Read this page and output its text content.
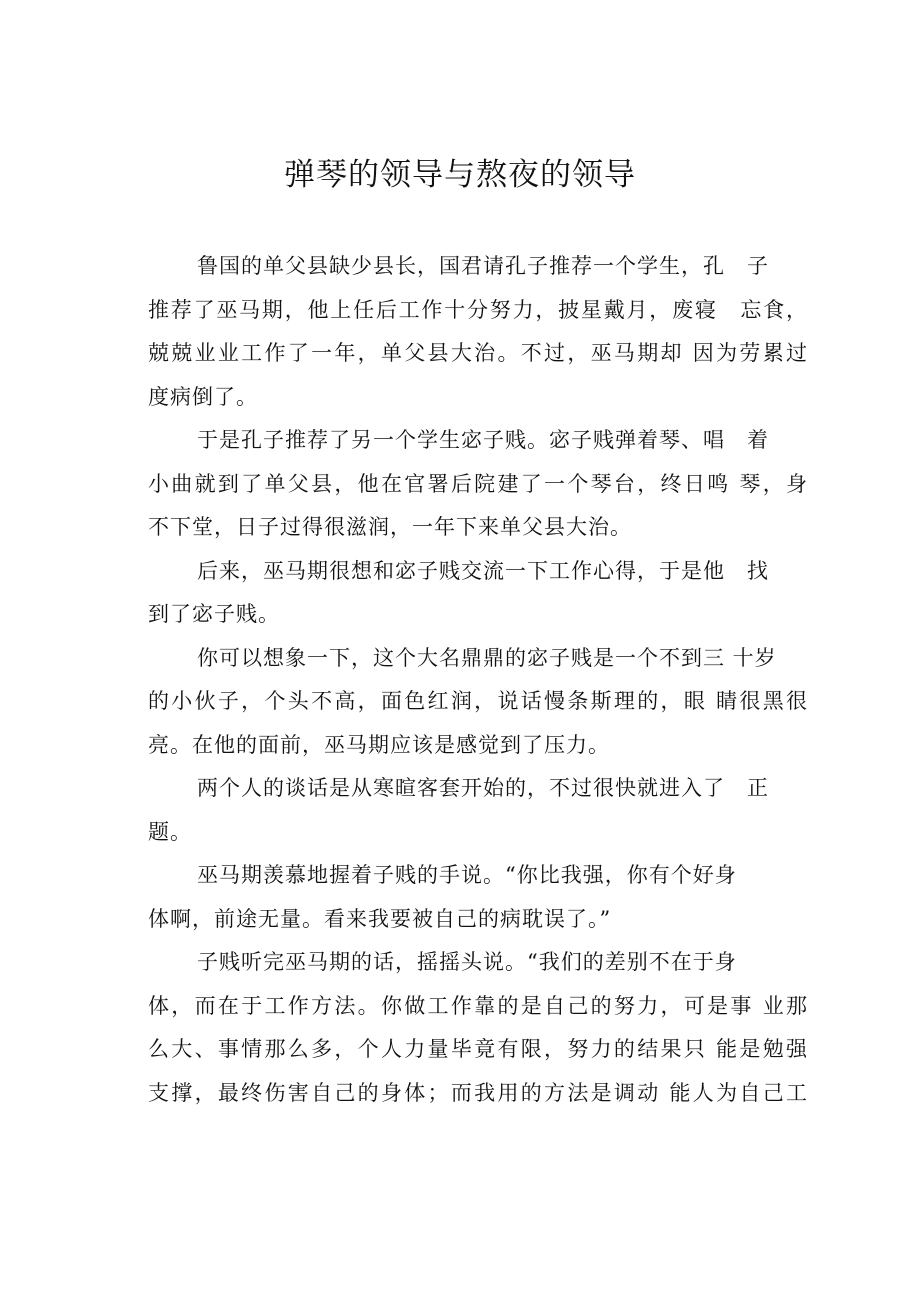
弹琴的领导与熬夜的领导

鲁国的单父县缺少县长，国君请孔子推荐一个学生，孔　子
推荐了巫马期，他上任后工作十分努力，披星戴月，废寝　忘食，
兢兢业业工作了一年，单父县大治。不过，巫马期却 因为劳累过
度病倒了。

于是孔子推荐了另一个学生宓子贱。宓子贱弹着琴、唱　着
小曲就到了单父县，他在官署后院建了一个琴台，终日鸣 琴，身
不下堂，日子过得很滋润，一年下来单父县大治。

后来，巫马期很想和宓子贱交流一下工作心得，于是他　找
到了宓子贱。

你可以想象一下，这个大名鼎鼎的宓子贱是一个不到三 十岁
的小伙子，个头不高，面色红润，说话慢条斯理的，眼 睛很黑很
亮。在他的面前，巫马期应该是感觉到了压力。

两个人的谈话是从寒暄客套开始的，不过很快就进入了　正
题。

巫马期羡慕地握着子贱的手说。“你比我强，你有个好身
体啊，前途无量。看来我要被自己的病耽误了。”

子贱听完巫马期的话，摇摇头说。“我们的差别不在于身
体，而在于工作方法。你做工作靠的是自己的努力，可是事 业那
么大、事情那么多，个人力量毕竟有限，努力的结果只 能是勉强
支撑，最终伤害自己的身体；而我用的方法是调动 能人为自己工
